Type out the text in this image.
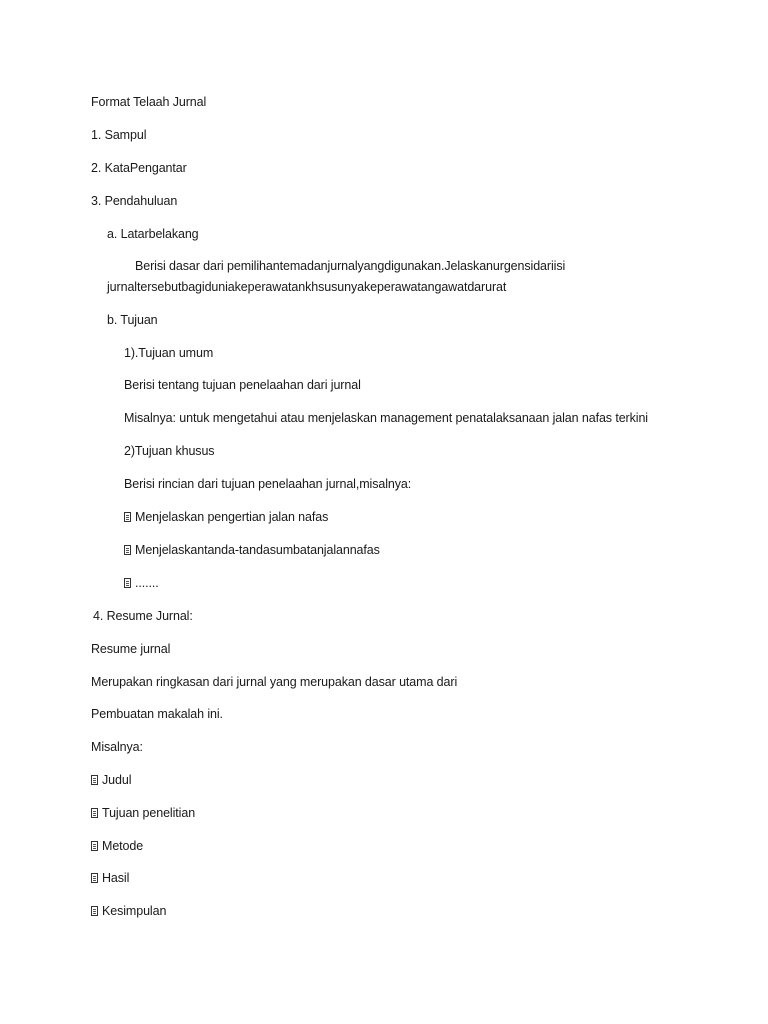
Format Telaah Jurnal
1. Sampul
2. KataPengantar
3. Pendahuluan
a. Latarbelakang
Berisi dasar dari pemilihantemadanjurnalyangdigunakan.Jelaskanurgensidariisi
jurnaltersebutbagiduniakeperawatankhsusunyakeperawatangawatdarurat
b. Tujuan
1).Tujuan umum
Berisi tentang tujuan penelaahan dari jurnal
Misalnya: untuk mengetahui atau menjelaskan management penatalaksanaan jalan nafas terkini
2)Tujuan khusus
Berisi rincian dari tujuan penelaahan jurnal,misalnya:
Menjelaskan pengertian jalan nafas
Menjelaskantanda-tandasumbatanjalannafas
.......
4. Resume Jurnal:
Resume jurnal
Merupakan ringkasan dari jurnal yang merupakan dasar utama dari
Pembuatan makalah ini.
Misalnya:
Judul
Tujuan penelitian
Metode
Hasil
Kesimpulan
